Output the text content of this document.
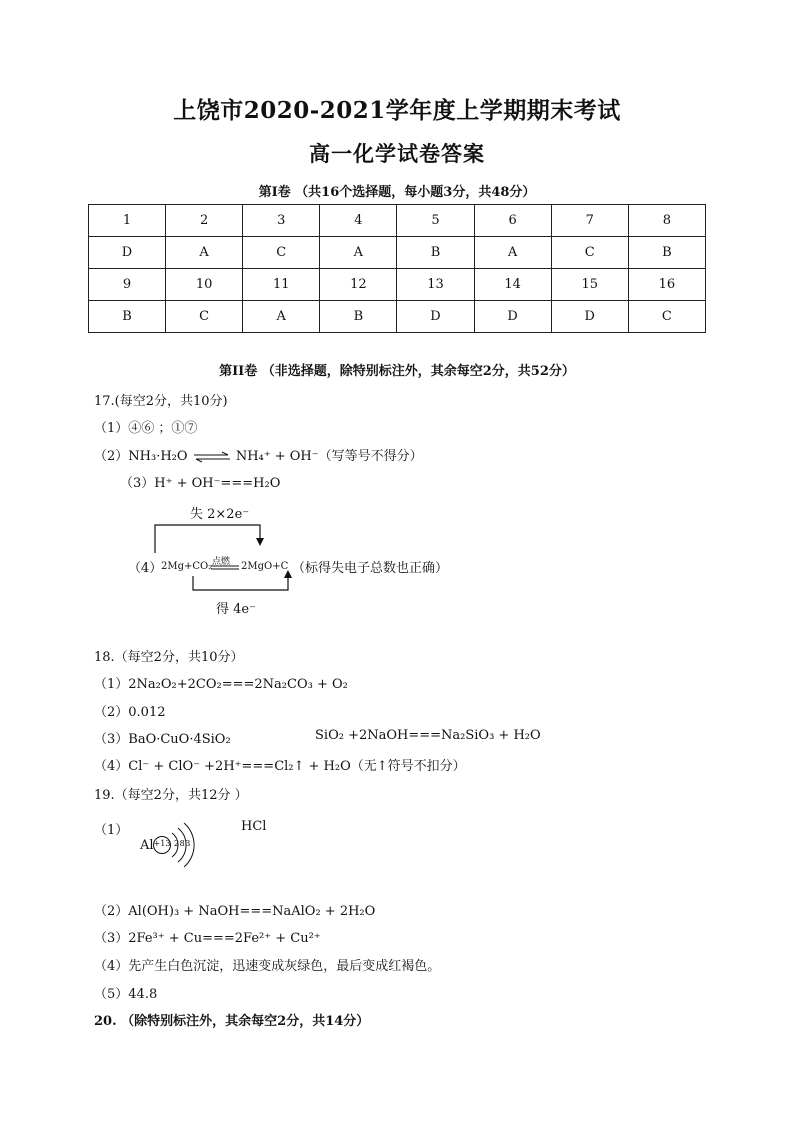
上饶市2020-2021学年度上学期期末考试
高一化学试卷答案
第Ⅰ卷 （共16个选择题，每小题3分，共48分）
1	2	3	4	5	6	7	8
D	A	C	A	B	A	C	B
9	10	11	12	13	14	15	16
B	C	A	B	D	D	D	C
第II卷 （非选择题，除特别标注外，其余每空2分，共52分）
17.(每空2分，共10分)
（1）④⑥ ；①⑦
（2）NH₃·H₂O ⇌ NH₄⁺ + OH⁻（写等号不得分）
（3）H⁺ + OH⁻===H₂O
失 2×2e⁻
（4）
2Mg+CO₂ 点燃 2MgO+C （标得失电子总数也正确）
得 4e⁻
18.（每空2分，共10分）
（1）2Na₂O₂+2CO₂===2Na₂CO₃ + O₂
（2）0.012
（3）BaO·CuO·4SiO₂	SiO₂ +2NaOH===Na₂SiO₃ + H₂O
（4）Cl⁻ + ClO⁻ +2H⁺===Cl₂↑ + H₂O（无↑符号不扣分）
19.（每空2分，共12分 ）
（1）
Al +13 2 8 3
HCl
（2）Al(OH)₃ + NaOH===NaAlO₂ + 2H₂O
（3）2Fe³⁺ + Cu===2Fe²⁺ + Cu²⁺
（4）先产生白色沉淀，迅速变成灰绿色，最后变成红褐色。
（5）44.8
20. （除特别标注外，其余每空2分，共14分）
